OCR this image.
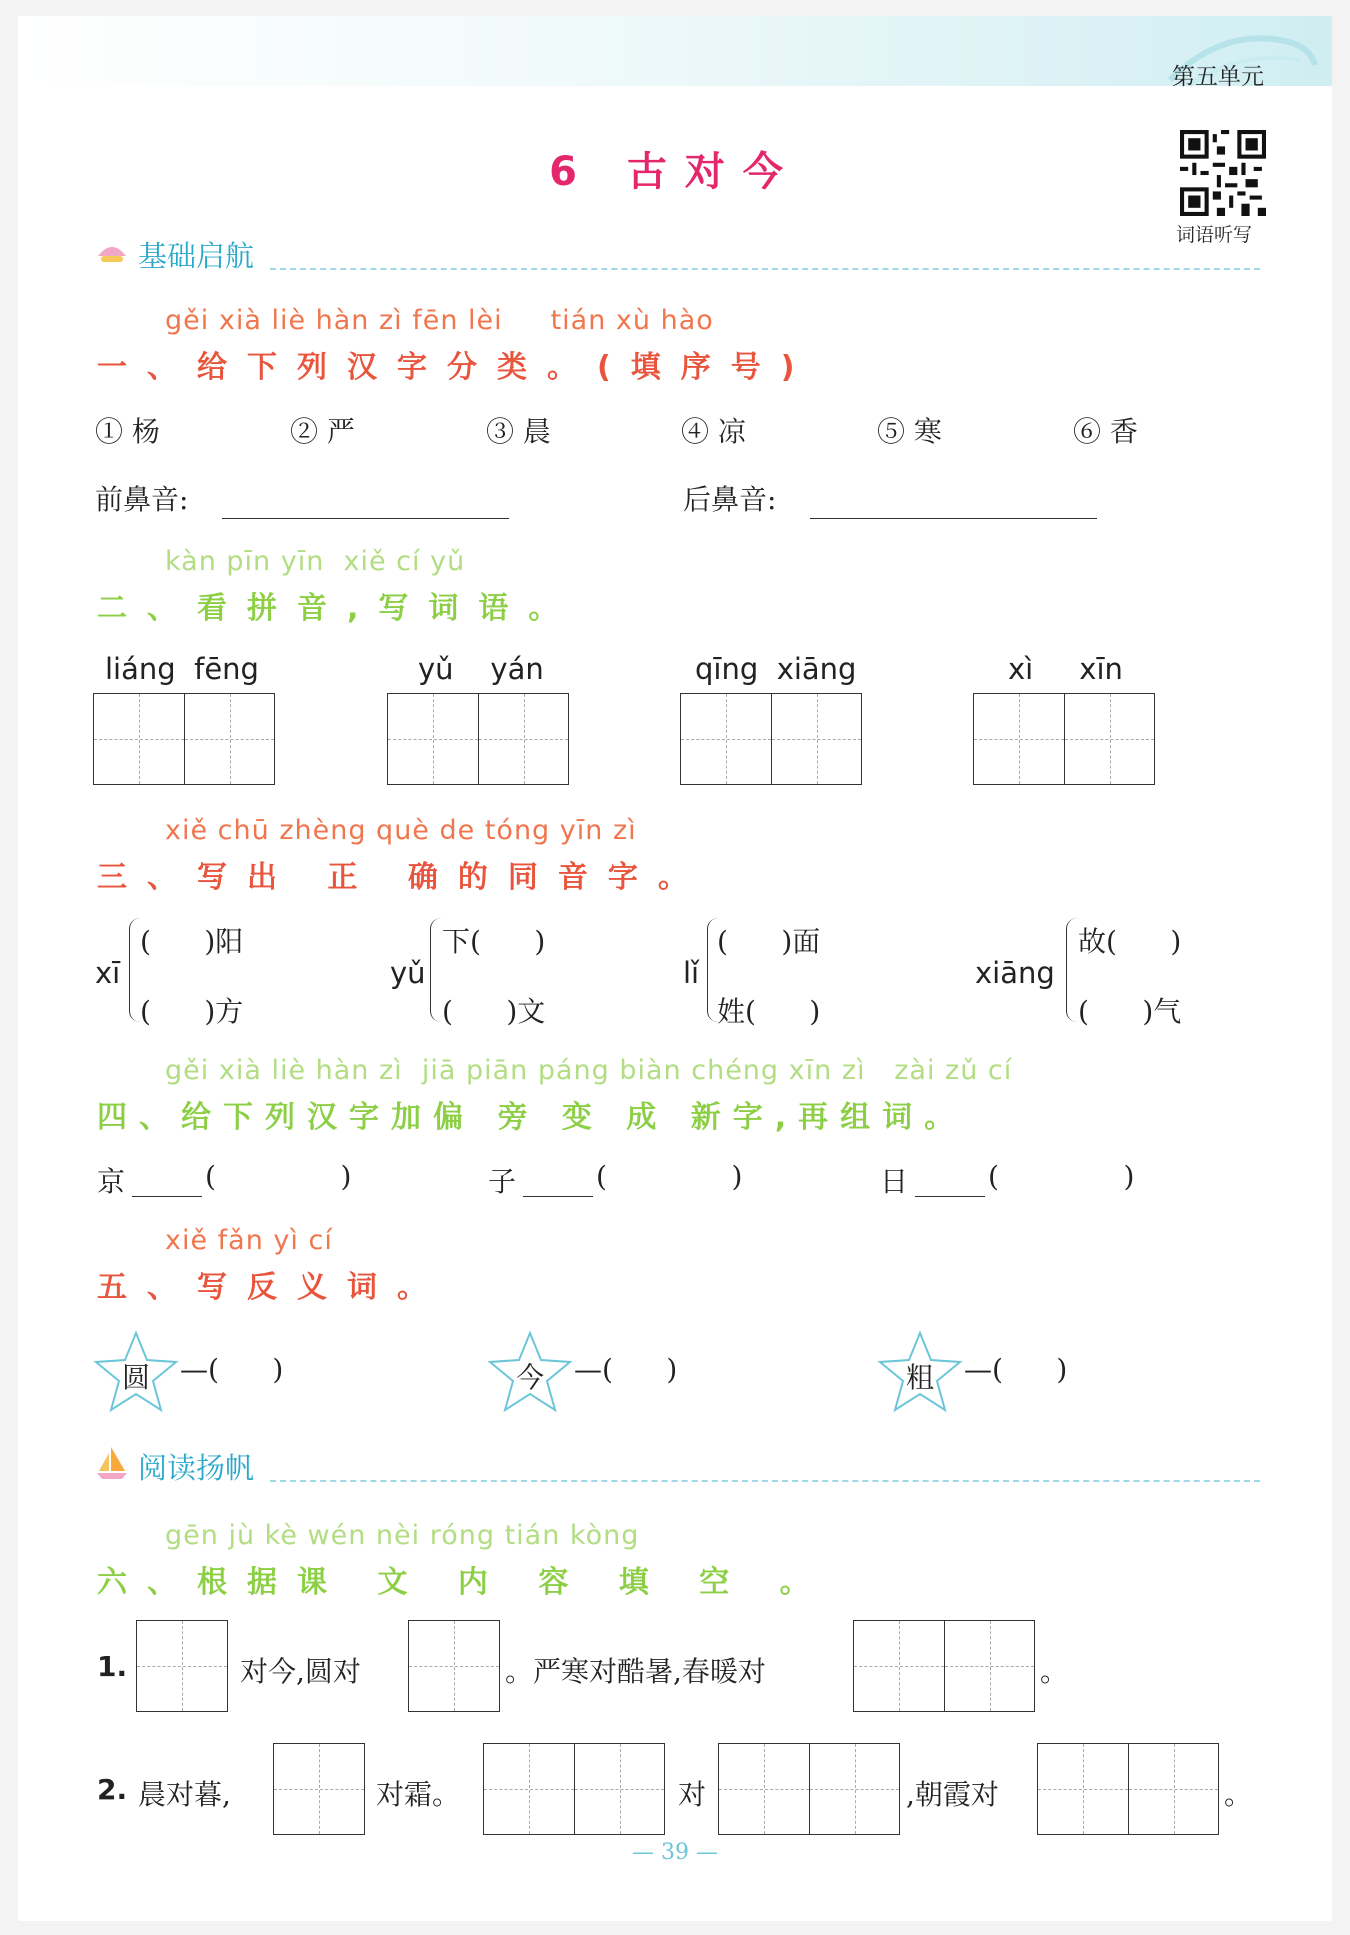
第五单元
6 古对今
词语听写
基础启航
gěi xià liè hàn zì fēn lèi     tián xù hào
一、给下列汉字分类。(填序号)
① 杨	② 严	③ 晨	④ 凉	⑤ 寒	⑥ 香
前鼻音:	后鼻音:
kàn pīn yīn  xiě cí yǔ
二、看拼音,写词语。
liáng  fēng	yǔ    yán	qīng  xiāng	xì     xīn
xiě chū zhèng què de tóng yīn zì
三、写出 正 确的同音字。
xī
(      )阳
(      )方
yǔ
下(      )
(      )文
lǐ
(      )面
姓(      )
xiāng
故(      )
(      )气
gěi xià liè hàn zì  jiā piān páng biàn chéng xīn zì   zài zǔ cí
四、给下列汉字加偏 旁 变 成 新字,再组词。
京	(              )	子	(              )	日	(              )
xiě fǎn yì cí
五、写反义词。
圆 —(      )	今 —(      )	粗 —(      )
阅读扬帆
gēn jù kè wén nèi róng tián kòng
六、根据课 文 内 容 填 空 。
1.	对今,圆对	。严寒对酷暑,春暖对	。
2. 晨对暮,	对霜。	对	,朝霞对	。
— 39 —
